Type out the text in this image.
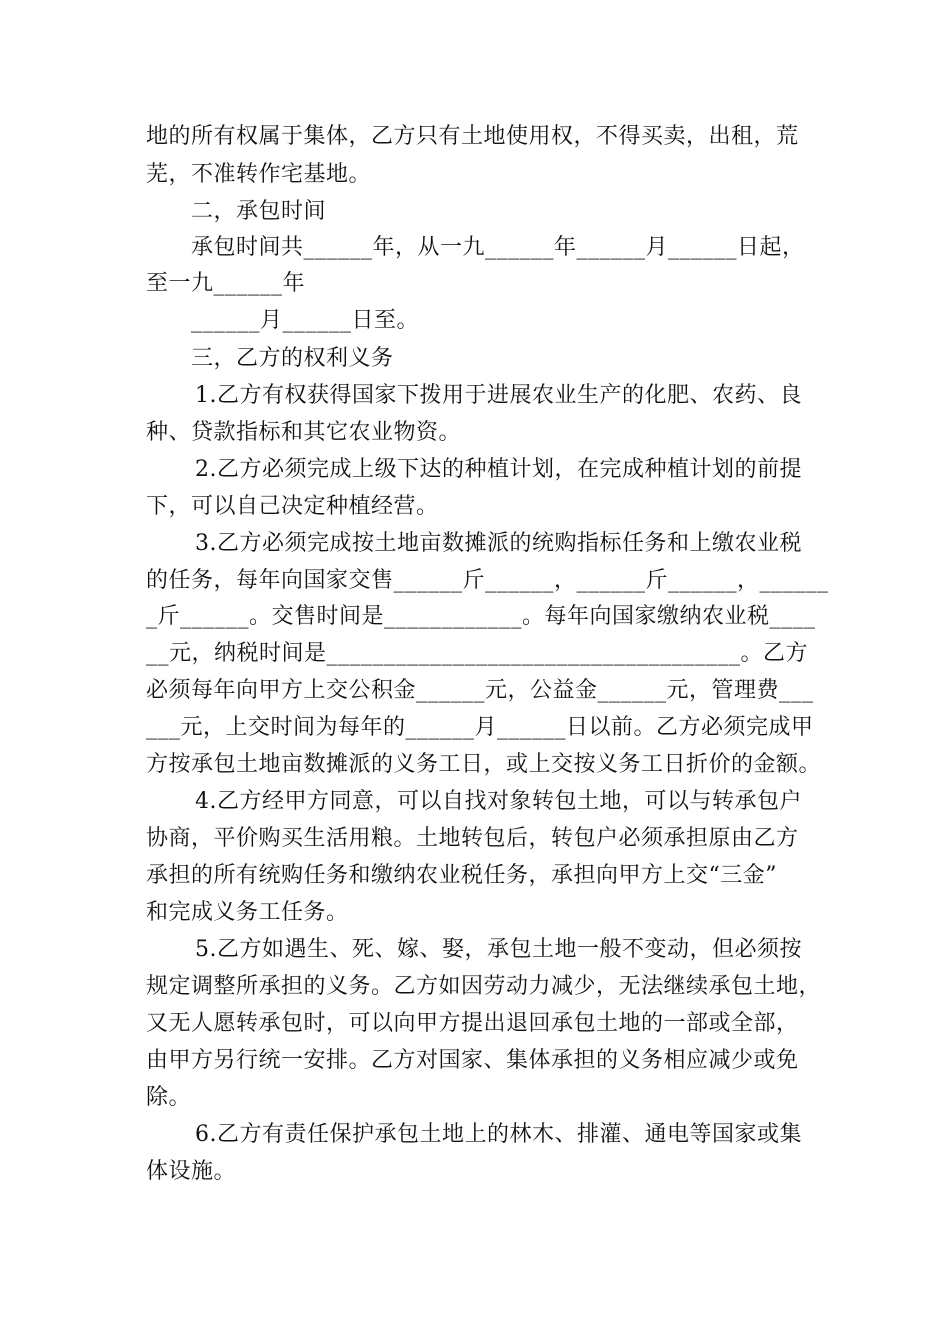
地的所有权属于集体，乙方只有土地使用权，不得买卖，出租，荒
芜，不准转作宅基地。
二，承包时间
承包时间共______年，从一九______年______月______日起，
至一九______年
______月______日至。
三，乙方的权利义务
1.乙方有权获得国家下拨用于进展农业生产的化肥、农药、良
种、贷款指标和其它农业物资。
2.乙方必须完成上级下达的种植计划，在完成种植计划的前提
下，可以自己决定种植经营。
3.乙方必须完成按土地亩数摊派的统购指标任务和上缴农业税
的任务，每年向国家交售______斤______，______斤______，______
_斤______。交售时间是____________。每年向国家缴纳农业税____
__元，纳税时间是____________________________________。乙方
必须每年向甲方上交公积金______元，公益金______元，管理费___
___元，上交时间为每年的______月______日以前。乙方必须完成甲
方按承包土地亩数摊派的义务工日，或上交按义务工日折价的金额。
4.乙方经甲方同意，可以自找对象转包土地，可以与转承包户
协商，平价购买生活用粮。土地转包后，转包户必须承担原由乙方
承担的所有统购任务和缴纳农业税任务，承担向甲方上交“三金”
和完成义务工任务。
5.乙方如遇生、死、嫁、娶，承包土地一般不变动，但必须按
规定调整所承担的义务。乙方如因劳动力减少，无法继续承包土地，
又无人愿转承包时，可以向甲方提出退回承包土地的一部或全部，
由甲方另行统一安排。乙方对国家、集体承担的义务相应减少或免
除。
6.乙方有责任保护承包土地上的林木、排灌、通电等国家或集
体设施。
